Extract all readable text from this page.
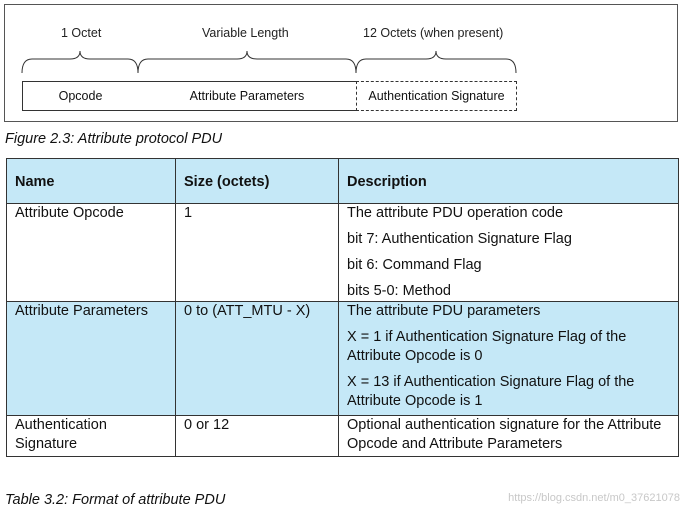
1 Octet	Variable Length	12 Octets (when present)
Opcode	Attribute Parameters	Authentication Signature
Figure 2.3: Attribute protocol PDU
Name	Size (octets)	Description
Attribute Opcode	1	The attribute PDU operation code
bit 7: Authentication Signature Flag
bit 6: Command Flag
bits 5-0: Method

Attribute Parameters	0 to (ATT_MTU - X)	The attribute PDU parameters
X = 1 if Authentication Signature Flag of the Attribute Opcode is 0
X = 13 if Authentication Signature Flag of the Attribute Opcode is 1

Authentication Signature	0 or 12	Optional authentication signature for the Attribute Opcode and Attribute Parameters
Table 3.2: Format of attribute PDU	https://blog.csdn.net/m0_37621078
